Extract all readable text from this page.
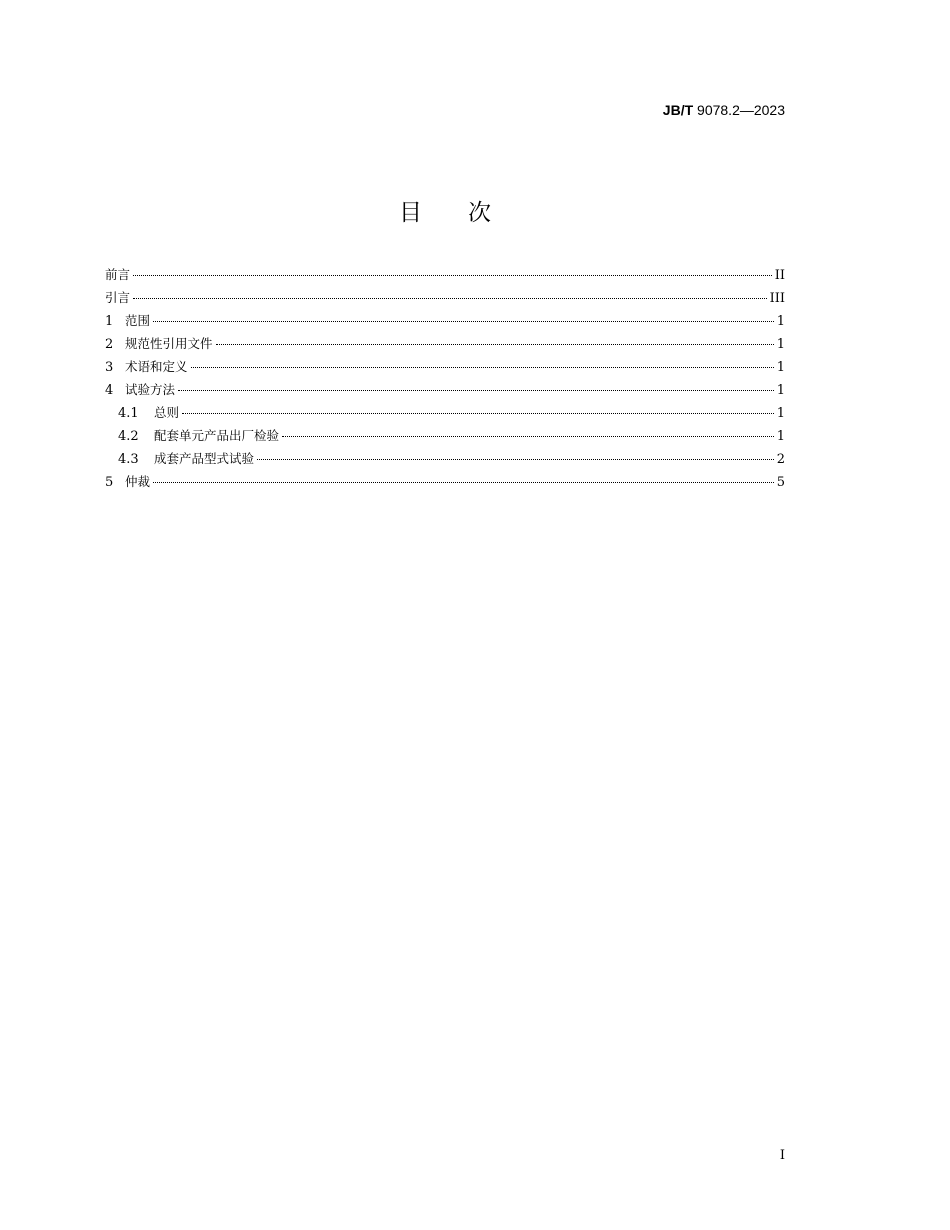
JB/T 9078.2—2023
目 次
前言	II
引言	III
1 范围	1
2 规范性引用文件	1
3 术语和定义	1
4 试验方法	1
4.1	总则	1
4.2	配套单元产品出厂检验	1
4.3	成套产品型式试验	2
5 仲裁	5
I
